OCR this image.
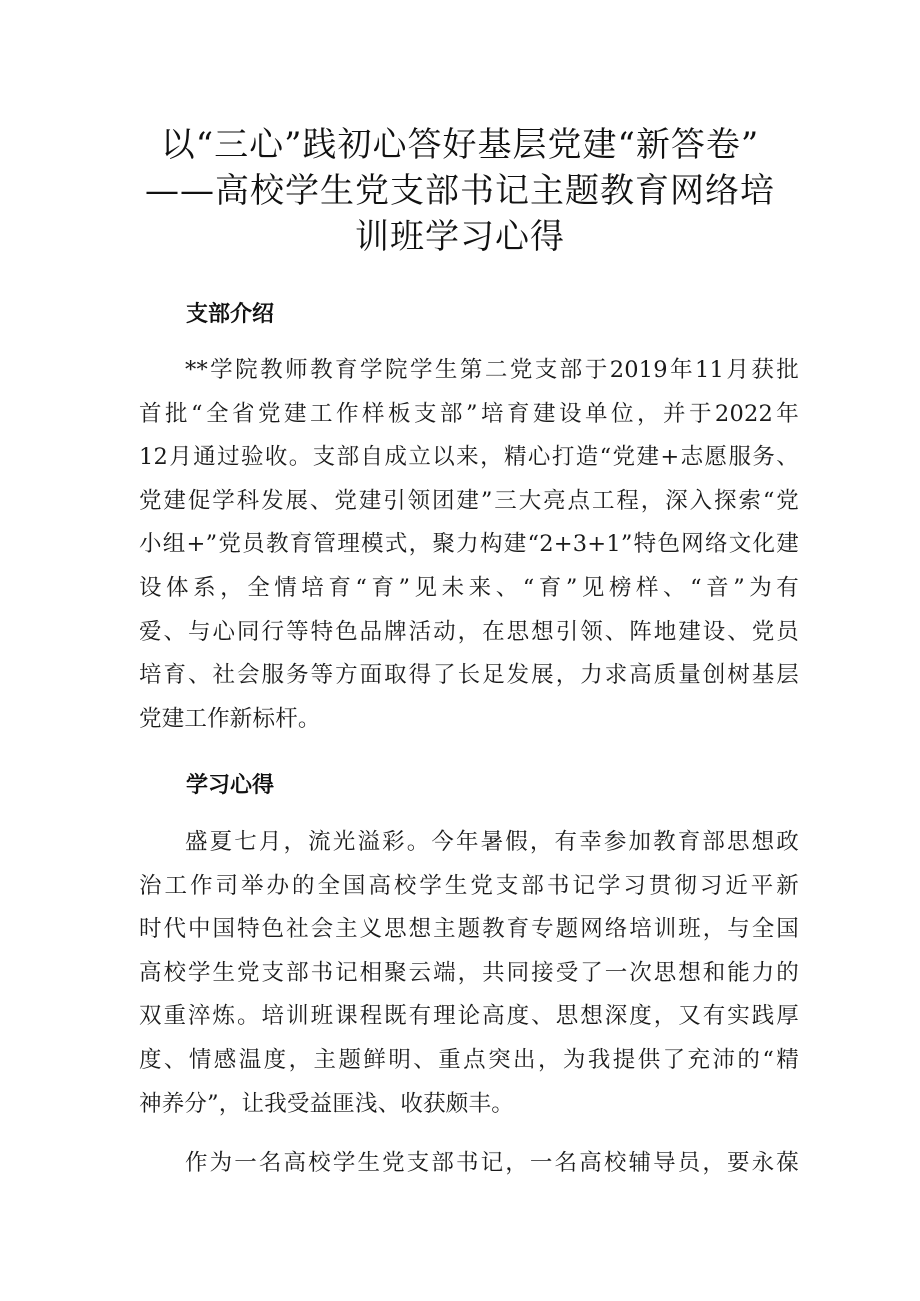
以“三心”践初心答好基层党建“新答卷”
——高校学生党支部书记主题教育网络培
训班学习心得
支部介绍
**学院教师教育学院学生第二党支部于2019年11月获批
首批“全省党建工作样板支部”培育建设单位，并于2022年
12月通过验收。支部自成立以来，精心打造“党建+志愿服务、
党建促学科发展、党建引领团建”三大亮点工程，深入探索“党
小组+”党员教育管理模式，聚力构建“2+3+1”特色网络文化建
设体系，全情培育“育”见未来、“育”见榜样、“音”为有
爱、与心同行等特色品牌活动，在思想引领、阵地建设、党员
培育、社会服务等方面取得了长足发展，力求高质量创树基层
党建工作新标杆。
学习心得
盛夏七月，流光溢彩。今年暑假，有幸参加教育部思想政
治工作司举办的全国高校学生党支部书记学习贯彻习近平新
时代中国特色社会主义思想主题教育专题网络培训班，与全国
高校学生党支部书记相聚云端，共同接受了一次思想和能力的
双重淬炼。培训班课程既有理论高度、思想深度，又有实践厚
度、情感温度，主题鲜明、重点突出，为我提供了充沛的“精
神养分”，让我受益匪浅、收获颇丰。
作为一名高校学生党支部书记，一名高校辅导员，要永葆
